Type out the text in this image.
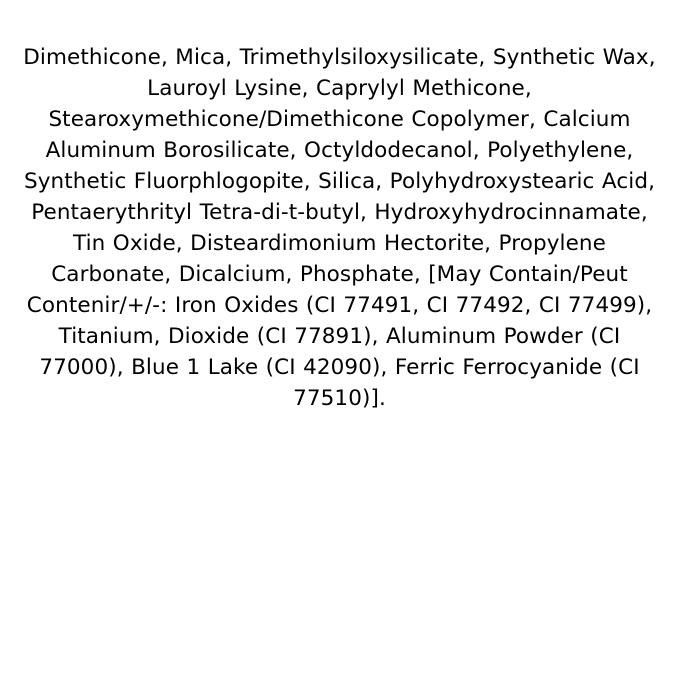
Dimethicone, Mica, Trimethylsiloxysilicate, Synthetic Wax, Lauroyl Lysine, Caprylyl Methicone, Stearoxymethicone/Dimethicone Copolymer, Calcium Aluminum Borosilicate, Octyldodecanol, Polyethylene, Synthetic Fluorphlogopite, Silica, Polyhydroxystearic Acid, Pentaerythrityl Tetra-di-t-butyl, Hydroxyhydrocinnamate, Tin Oxide, Disteardimonium Hectorite, Propylene Carbonate, Dicalcium, Phosphate, [May Contain/Peut Contenir/+/-: Iron Oxides (CI 77491, CI 77492, CI 77499), Titanium, Dioxide (CI 77891), Aluminum Powder (CI 77000), Blue 1 Lake (CI 42090), Ferric Ferrocyanide (CI 77510)].
